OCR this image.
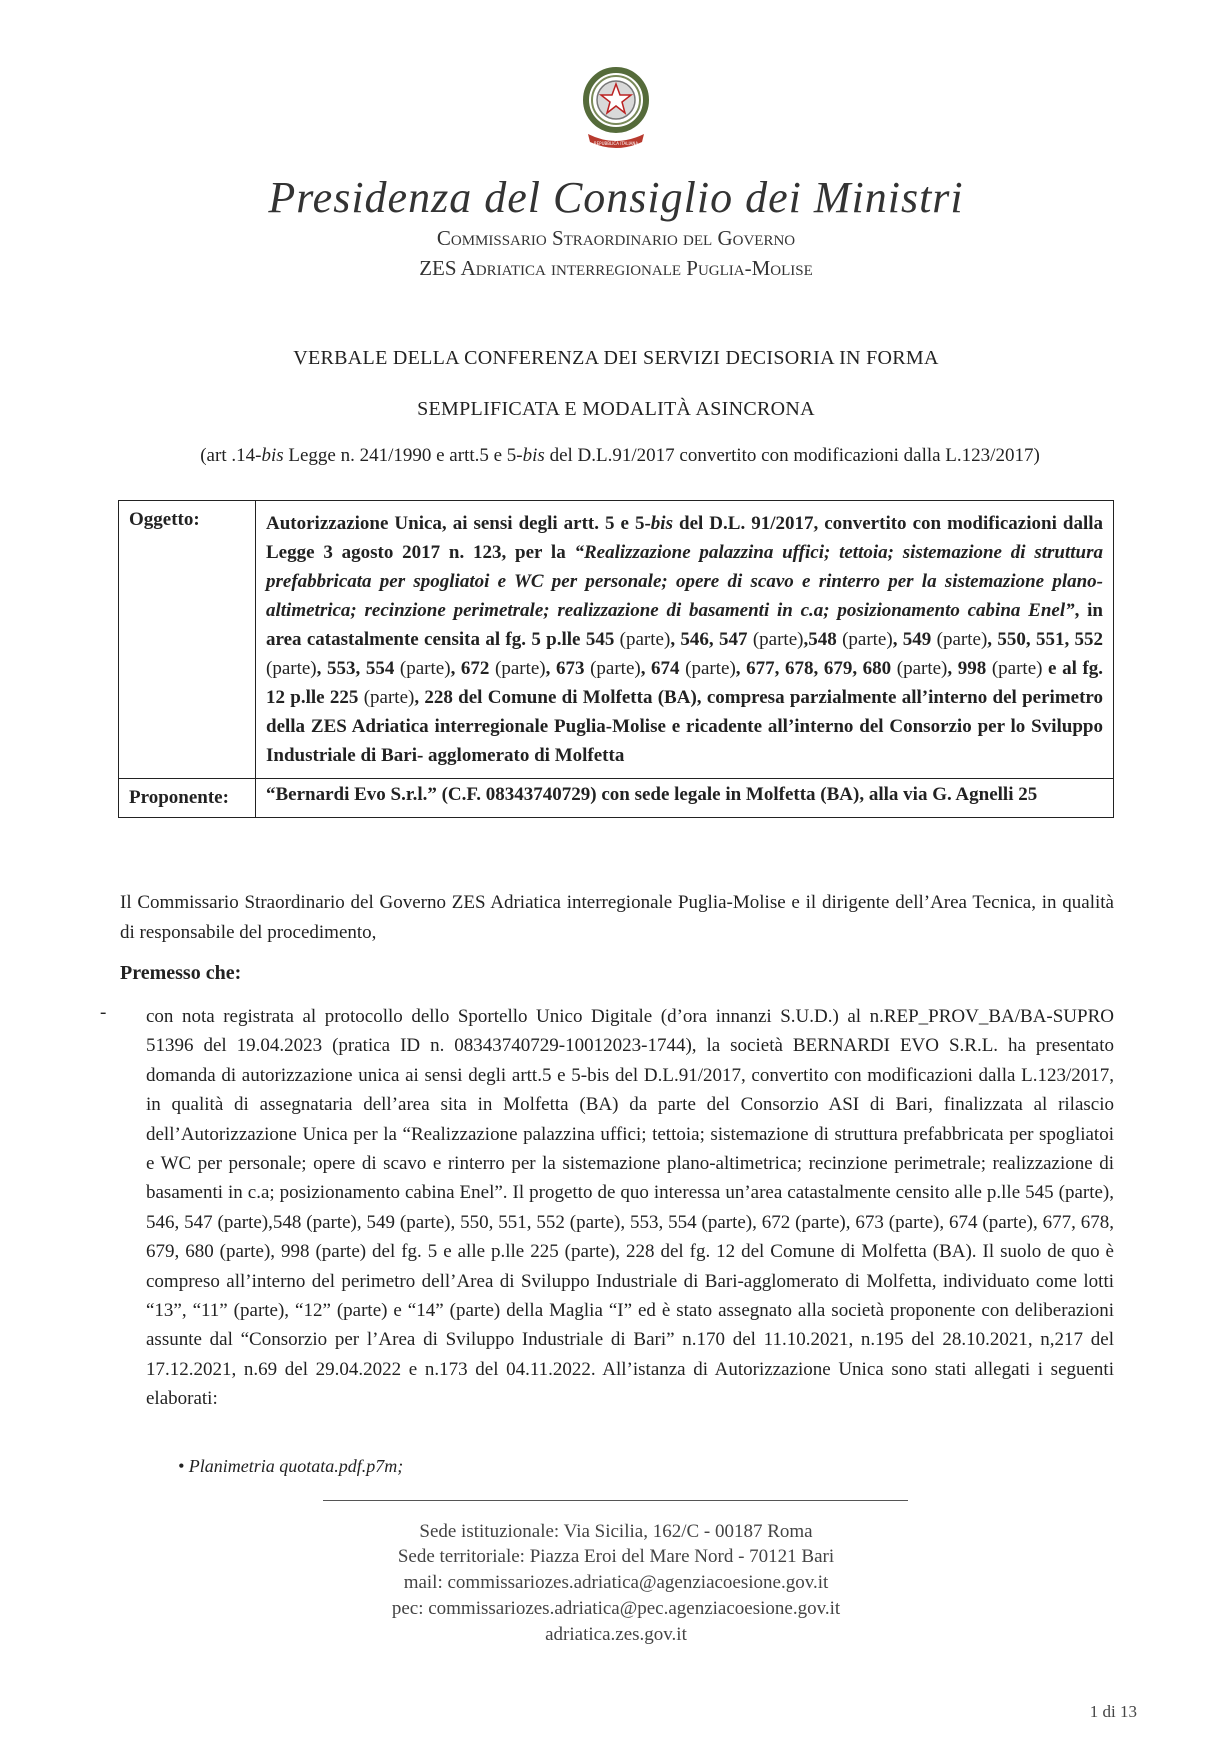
REPUBBLICA ITALIANA
Presidenza del Consiglio dei Ministri
Commissario Straordinario del Governo
ZES Adriatica interregionale Puglia-Molise
VERBALE DELLA CONFERENZA DEI SERVIZI DECISORIA IN FORMA
SEMPLIFICATA E MODALITÀ ASINCRONA
(art .14-bis Legge n. 241/1990 e artt.5 e 5-bis del D.L.91/2017 convertito con modificazioni dalla L.123/2017)
Oggetto:	Autorizzazione Unica, ai sensi degli artt. 5 e 5-bis del D.L. 91/2017, convertito con modificazioni dalla Legge 3 agosto 2017 n. 123, per la “Realizzazione palazzina uffici; tettoia; sistemazione di struttura prefabbricata per spogliatoi e WC per personale; opere di scavo e rinterro per la sistemazione plano-altimetrica; recinzione perimetrale; realizzazione di basamenti in c.a; posizionamento cabina Enel”, in area catastalmente censita al fg. 5 p.lle 545 (parte), 546, 547 (parte),548 (parte), 549 (parte), 550, 551, 552 (parte), 553, 554 (parte), 672 (parte), 673 (parte), 674 (parte), 677, 678, 679, 680 (parte), 998 (parte) e al fg. 12 p.lle 225 (parte), 228 del Comune di Molfetta (BA), compresa parzialmente all’interno del perimetro della ZES Adriatica interregionale Puglia-Molise e ricadente all’interno del Consorzio per lo Sviluppo Industriale di Bari- agglomerato di Molfetta
Proponente:	“Bernardi Evo S.r.l.” (C.F. 08343740729) con sede legale in Molfetta (BA), alla via G. Agnelli 25
Il Commissario Straordinario del Governo ZES Adriatica interregionale Puglia-Molise e il dirigente dell’Area Tecnica, in qualità di responsabile del procedimento,
Premesso che:
- con nota registrata al protocollo dello Sportello Unico Digitale (d’ora innanzi S.U.D.) al n.REP_PROV_BA/BA-SUPRO 51396 del 19.04.2023 (pratica ID n. 08343740729-10012023-1744), la società BERNARDI EVO S.R.L. ha presentato domanda di autorizzazione unica ai sensi degli artt.5 e 5-bis del D.L.91/2017, convertito con modificazioni dalla L.123/2017, in qualità di assegnataria dell’area sita in Molfetta (BA) da parte del Consorzio ASI di Bari, finalizzata al rilascio dell’Autorizzazione Unica per la “Realizzazione palazzina uffici; tettoia; sistemazione di struttura prefabbricata per spogliatoi e WC per personale; opere di scavo e rinterro per la sistemazione plano-altimetrica; recinzione perimetrale; realizzazione di basamenti in c.a; posizionamento cabina Enel”. Il progetto de quo interessa un’area catastalmente censito alle p.lle 545 (parte), 546, 547 (parte),548 (parte), 549 (parte), 550, 551, 552 (parte), 553, 554 (parte), 672 (parte), 673 (parte), 674 (parte), 677, 678, 679, 680 (parte), 998 (parte) del fg. 5 e alle p.lle 225 (parte), 228 del fg. 12 del Comune di Molfetta (BA). Il suolo de quo è compreso all’interno del perimetro dell’Area di Sviluppo Industriale di Bari-agglomerato di Molfetta, individuato come lotti “13”, “11” (parte), “12” (parte) e “14” (parte) della Maglia “I” ed è stato assegnato alla società proponente con deliberazioni assunte dal “Consorzio per l’Area di Sviluppo Industriale di Bari” n.170 del 11.10.2021, n.195 del 28.10.2021, n,217 del 17.12.2021, n.69 del 29.04.2022 e n.173 del 04.11.2022. All’istanza di Autorizzazione Unica sono stati allegati i seguenti elaborati:
• Planimetria quotata.pdf.p7m;
Sede istituzionale: Via Sicilia, 162/C - 00187 Roma
Sede territoriale: Piazza Eroi del Mare Nord - 70121 Bari
mail: commissariozes.adriatica@agenziacoesione.gov.it
pec: commissariozes.adriatica@pec.agenziacoesione.gov.it
adriatica.zes.gov.it
1 di 13
